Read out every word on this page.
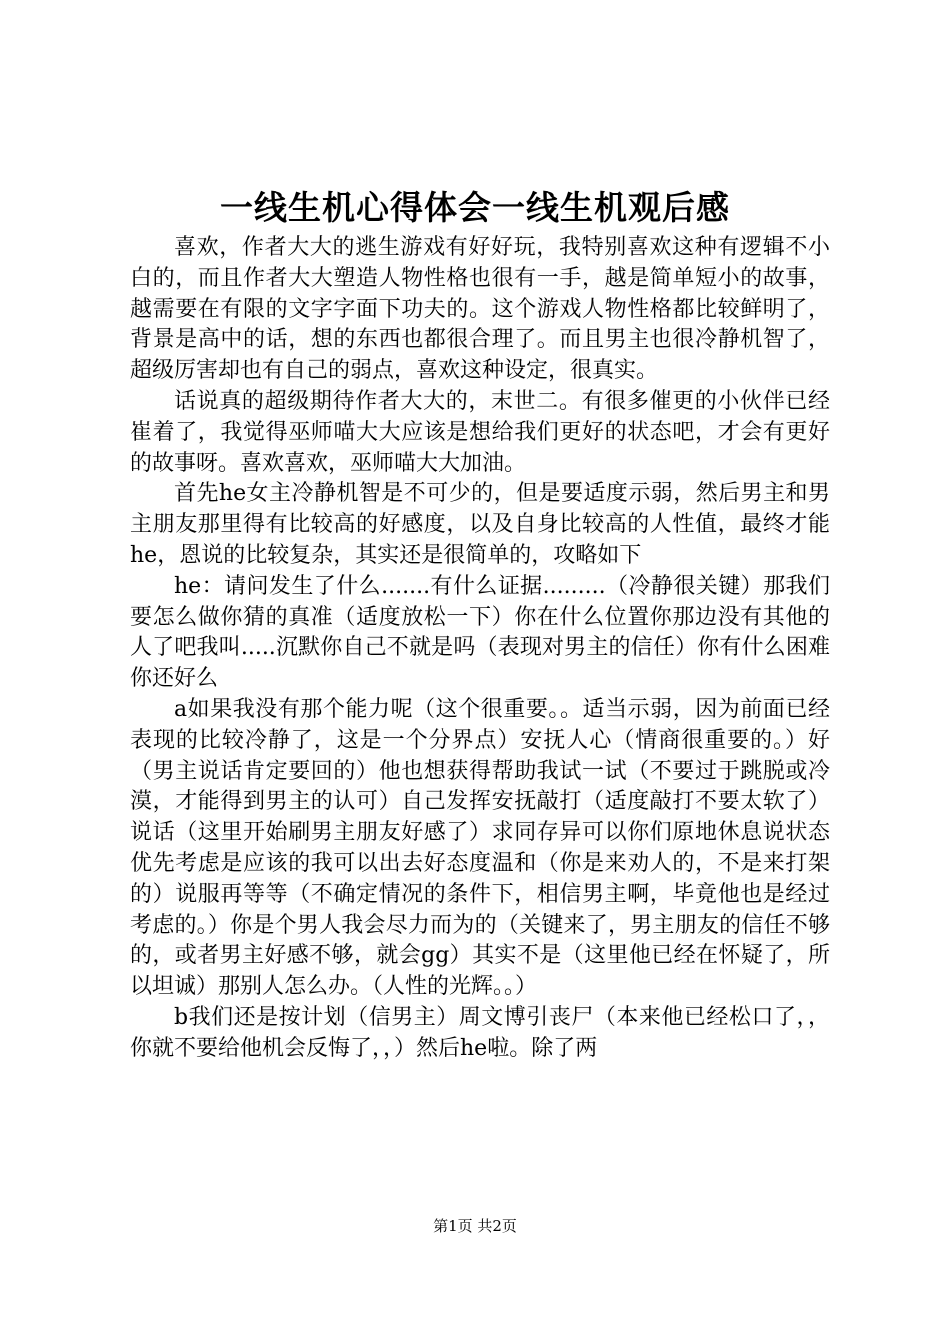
一线生机心得体会一线生机观后感

喜欢，作者大大的逃生游戏有好好玩，我特别喜欢这种有逻辑不小白的，而且作者大大塑造人物性格也很有一手，越是简单短小的故事，越需要在有限的文字字面下功夫的。这个游戏人物性格都比较鲜明了，背景是高中的话，想的东西也都很合理了。而且男主也很冷静机智了，超级厉害却也有自己的弱点，喜欢这种设定，很真实。

话说真的超级期待作者大大的，末世二。有很多催更的小伙伴已经崔着了，我觉得巫师喵大大应该是想给我们更好的状态吧，才会有更好的故事呀。喜欢喜欢，巫师喵大大加油。

首先he女主冷静机智是不可少的，但是要适度示弱，然后男主和男主朋友那里得有比较高的好感度，以及自身比较高的人性值，最终才能he，恩说的比较复杂，其实还是很简单的，攻略如下

he：请问发生了什么.......有什么证据.........（冷静很关键）那我们要怎么做你猜的真准（适度放松一下）你在什么位置你那边没有其他的人了吧我叫.....沉默你自己不就是吗（表现对男主的信任）你有什么困难你还好么

a如果我没有那个能力呢（这个很重要。。适当示弱，因为前面已经表现的比较冷静了，这是一个分界点）安抚人心（情商很重要的。）好（男主说话肯定要回的）他也想获得帮助我试一试（不要过于跳脱或冷漠，才能得到男主的认可）自己发挥安抚敲打（适度敲打不要太软了）说话（这里开始刷男主朋友好感了）求同存异可以你们原地休息说状态优先考虑是应该的我可以出去好态度温和（你是来劝人的，不是来打架的）说服再等等（不确定情况的条件下，相信男主啊，毕竟他也是经过考虑的。）你是个男人我会尽力而为的（关键来了，男主朋友的信任不够的，或者男主好感不够，就会gg）其实不是（这里他已经在怀疑了，所以坦诚）那别人怎么办。（人性的光辉。。）

b我们还是按计划（信男主）周文博引丧尸（本来他已经松口了，，你就不要给他机会反悔了，，）然后he啦。除了两

第1页 共2页
